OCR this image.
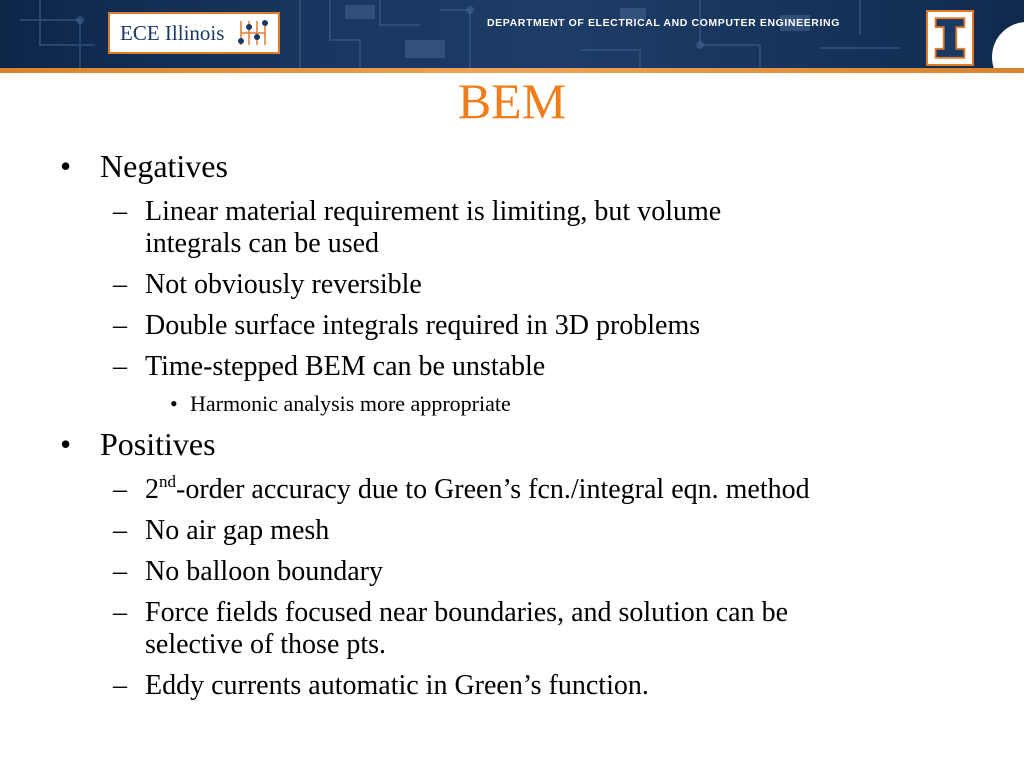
ECE Illinois	DEPARTMENT OF ELECTRICAL AND COMPUTER ENGINEERING
BEM
• Negatives
– Linear material requirement is limiting, but volume
integrals can be used
– Not obviously reversible
– Double surface integrals required in 3D problems
– Time-stepped BEM can be unstable
• Harmonic analysis more appropriate
• Positives
– 2nd-order accuracy due to Green’s fcn./integral eqn. method
– No air gap mesh
– No balloon boundary
– Force fields focused near boundaries, and solution can be
selective of those pts.
– Eddy currents automatic in Green’s function.
